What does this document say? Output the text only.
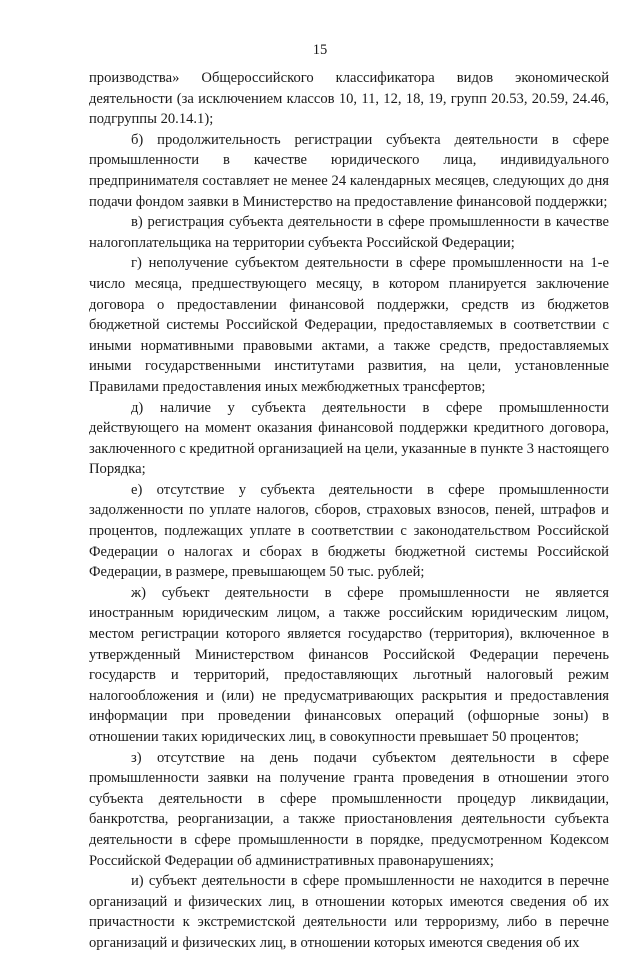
15

производства» Общероссийского классификатора видов экономической деятельности (за исключением классов 10, 11, 12, 18, 19, групп 20.53, 20.59, 24.46, подгруппы 20.14.1);

б) продолжительность регистрации субъекта деятельности в сфере промышленности в качестве юридического лица, индивидуального предпринимателя составляет не менее 24 календарных месяцев, следующих до дня подачи фондом заявки в Министерство на предоставление финансовой поддержки;

в) регистрация субъекта деятельности в сфере промышленности в качестве налогоплательщика на территории субъекта Российской Федерации;

г) неполучение субъектом деятельности в сфере промышленности на 1-е число месяца, предшествующего месяцу, в котором планируется заключение договора о предоставлении финансовой поддержки, средств из бюджетов бюджетной системы Российской Федерации, предоставляемых в соответствии с иными нормативными правовыми актами, а также средств, предоставляемых иными государственными институтами развития, на цели, установленные Правилами предоставления иных межбюджетных трансфертов;

д) наличие у субъекта деятельности в сфере промышленности действующего на момент оказания финансовой поддержки кредитного договора, заключенного с кредитной организацией на цели, указанные в пункте 3 настоящего Порядка;

е) отсутствие у субъекта деятельности в сфере промышленности задолженности по уплате налогов, сборов, страховых взносов, пеней, штрафов и процентов, подлежащих уплате в соответствии с законодательством Российской Федерации о налогах и сборах в бюджеты бюджетной системы Российской Федерации, в размере, превышающем 50 тыс. рублей;

ж) субъект деятельности в сфере промышленности не является иностранным юридическим лицом, а также российским юридическим лицом, местом регистрации которого является государство (территория), включенное в утвержденный Министерством финансов Российской Федерации перечень государств и территорий, предоставляющих льготный налоговый режим налогообложения и (или) не предусматривающих раскрытия и предоставления информации при проведении финансовых операций (офшорные зоны) в отношении таких юридических лиц, в совокупности превышает 50 процентов;

з) отсутствие на день подачи субъектом деятельности в сфере промышленности заявки на получение гранта проведения в отношении этого субъекта деятельности в сфере промышленности процедур ликвидации, банкротства, реорганизации, а также приостановления деятельности субъекта деятельности в сфере промышленности в порядке, предусмотренном Кодексом Российской Федерации об административных правонарушениях;

и) субъект деятельности в сфере промышленности не находится в перечне организаций и физических лиц, в отношении которых имеются сведения об их причастности к экстремистской деятельности или терроризму, либо в перечне организаций и физических лиц, в отношении которых имеются сведения об их
